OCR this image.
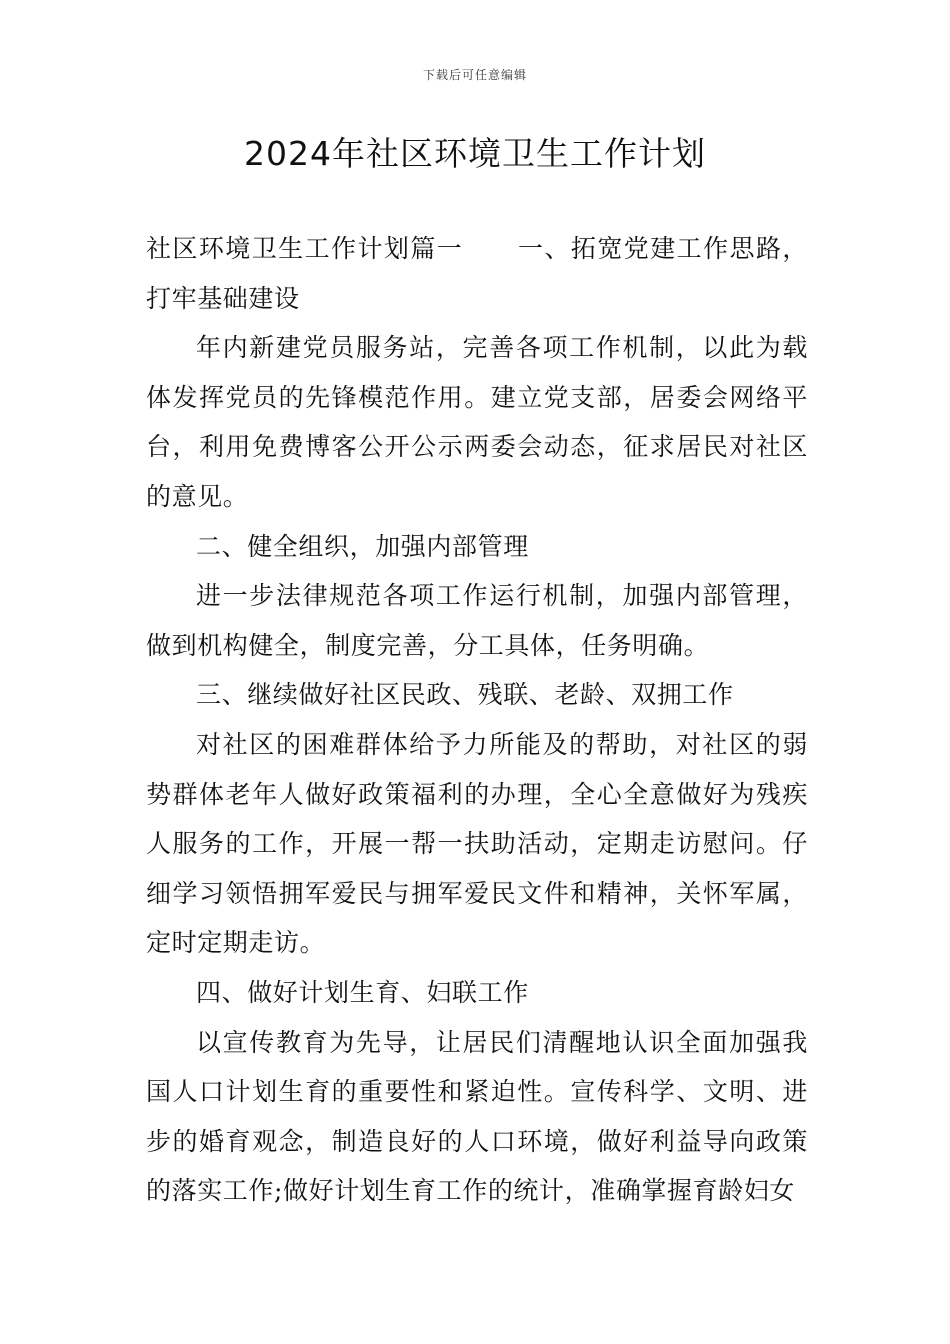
下载后可任意编辑
2024年社区环境卫生工作计划

社区环境卫生工作计划篇一 一、拓宽党建工作思路，打牢基础建设

年内新建党员服务站，完善各项工作机制，以此为载体发挥党员的先锋模范作用。建立党支部，居委会网络平台，利用免费博客公开公示两委会动态，征求居民对社区的意见。

二、健全组织，加强内部管理

进一步法律规范各项工作运行机制，加强内部管理，做到机构健全，制度完善，分工具体，任务明确。

三、继续做好社区民政、残联、老龄、双拥工作

对社区的困难群体给予力所能及的帮助，对社区的弱势群体老年人做好政策福利的办理，全心全意做好为残疾人服务的工作，开展一帮一扶助活动，定期走访慰问。仔细学习领悟拥军爱民与拥军爱民文件和精神，关怀军属，定时定期走访。

四、做好计划生育、妇联工作

以宣传教育为先导，让居民们清醒地认识全面加强我国人口计划生育的重要性和紧迫性。宣传科学、文明、进步的婚育观念，制造良好的人口环境，做好利益导向政策的落实工作;做好计划生育工作的统计，准确掌握育龄妇女
